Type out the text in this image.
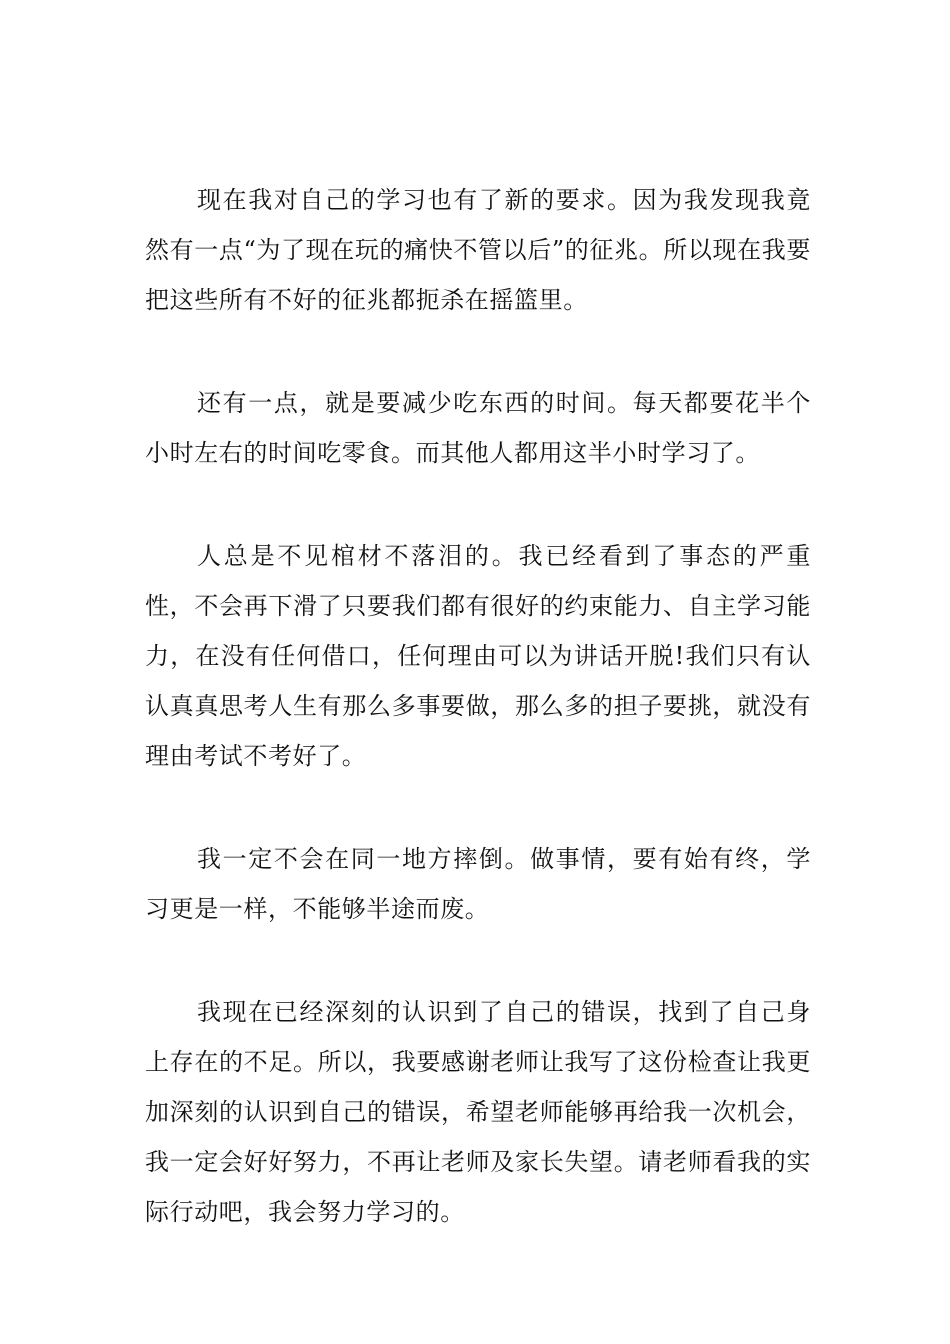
现在我对自己的学习也有了新的要求。因为我发现我竟然有一点“为了现在玩的痛快不管以后”的征兆。所以现在我要把这些所有不好的征兆都扼杀在摇篮里。

还有一点，就是要减少吃东西的时间。每天都要花半个小时左右的时间吃零食。而其他人都用这半小时学习了。

人总是不见棺材不落泪的。我已经看到了事态的严重性，不会再下滑了只要我们都有很好的约束能力、自主学习能力，在没有任何借口，任何理由可以为讲话开脱!我们只有认认真真思考人生有那么多事要做，那么多的担子要挑，就没有理由考试不考好了。

我一定不会在同一地方摔倒。做事情，要有始有终，学习更是一样，不能够半途而废。

我现在已经深刻的认识到了自己的错误，找到了自己身上存在的不足。所以，我要感谢老师让我写了这份检查让我更加深刻的认识到自己的错误，希望老师能够再给我一次机会，我一定会好好努力，不再让老师及家长失望。请老师看我的实际行动吧，我会努力学习的。
